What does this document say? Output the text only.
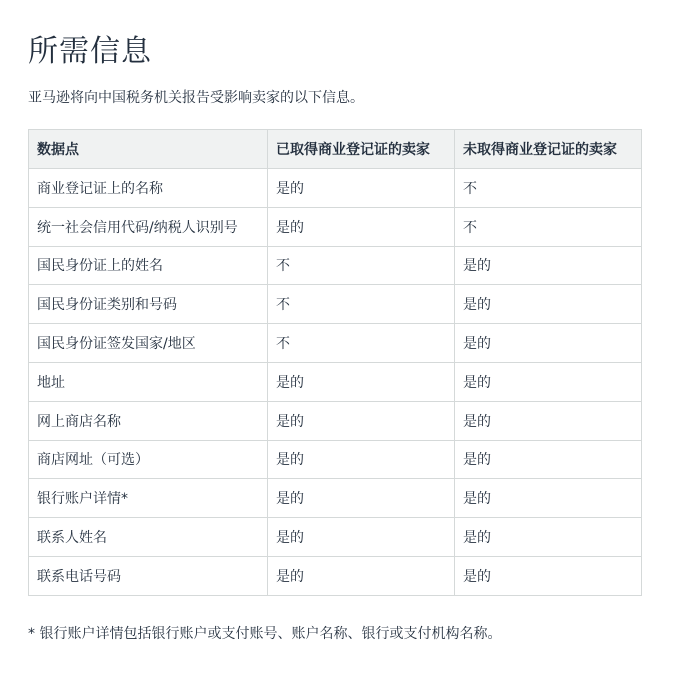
所需信息

亚马逊将向中国税务机关报告受影响卖家的以下信息。

数据点	已取得商业登记证的卖家	未取得商业登记证的卖家
商业登记证上的名称	是的	不
统一社会信用代码/纳税人识别号	是的	不
国民身份证上的姓名	不	是的
国民身份证类别和号码	不	是的
国民身份证签发国家/地区	不	是的
地址	是的	是的
网上商店名称	是的	是的
商店网址（可选）	是的	是的
银行账户详情*	是的	是的
联系人姓名	是的	是的
联系电话号码	是的	是的

* 银行账户详情包括银行账户或支付账号、账户名称、银行或支付机构名称。
